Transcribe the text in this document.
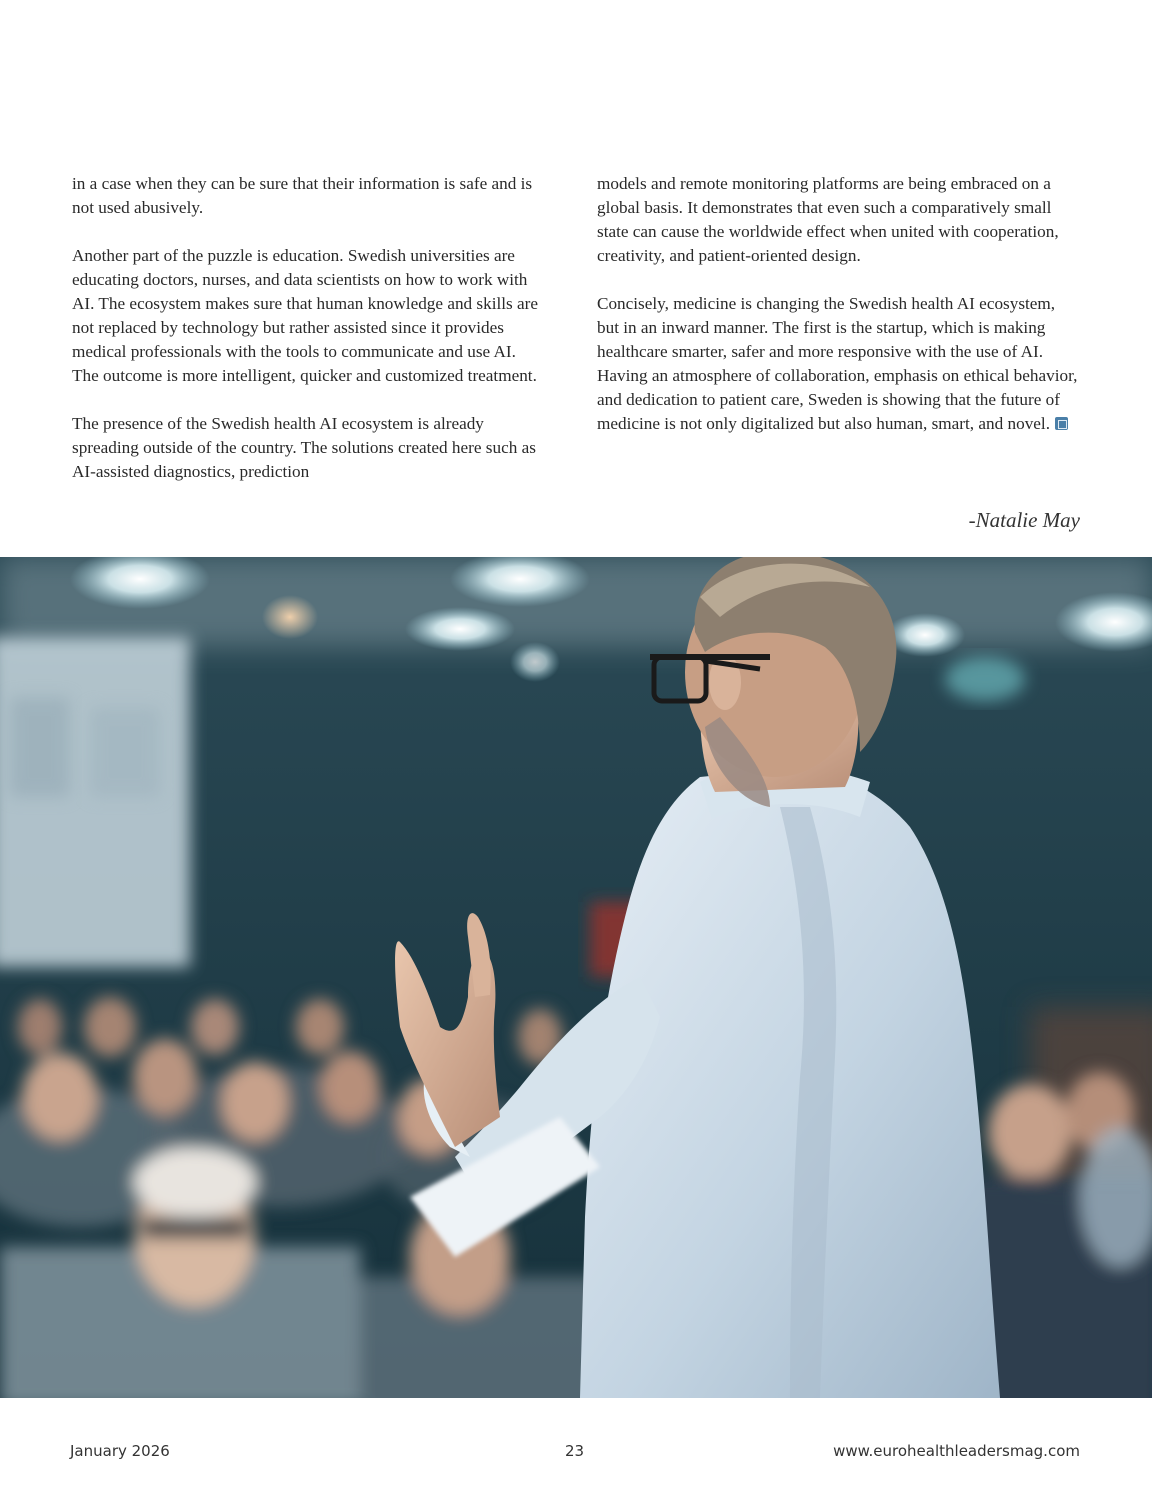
in a case when they can be sure that their information is safe and is not used abusively.

Another part of the puzzle is education. Swedish universities are educating doctors, nurses, and data scientists on how to work with AI. The ecosystem makes sure that human knowledge and skills are not replaced by technology but rather assisted since it provides medical professionals with the tools to communicate and use AI. The outcome is more intelligent, quicker and customized treatment.

The presence of the Swedish health AI ecosystem is already spreading outside of the country. The solutions created here such as AI-assisted diagnostics, prediction

models and remote monitoring platforms are being embraced on a global basis. It demonstrates that even such a comparatively small state can cause the worldwide effect when united with cooperation, creativity, and patient-oriented design.

Concisely, medicine is changing the Swedish health AI ecosystem, but in an inward manner. The first is the startup, which is making healthcare smarter, safer and more responsive with the use of AI. Having an atmosphere of collaboration, emphasis on ethical behavior, and dedication to patient care, Sweden is showing that the future of medicine is not only digitalized but also human, smart, and novel.

-Natalie May
January 2026	23	www.eurohealthleadersmag.com
